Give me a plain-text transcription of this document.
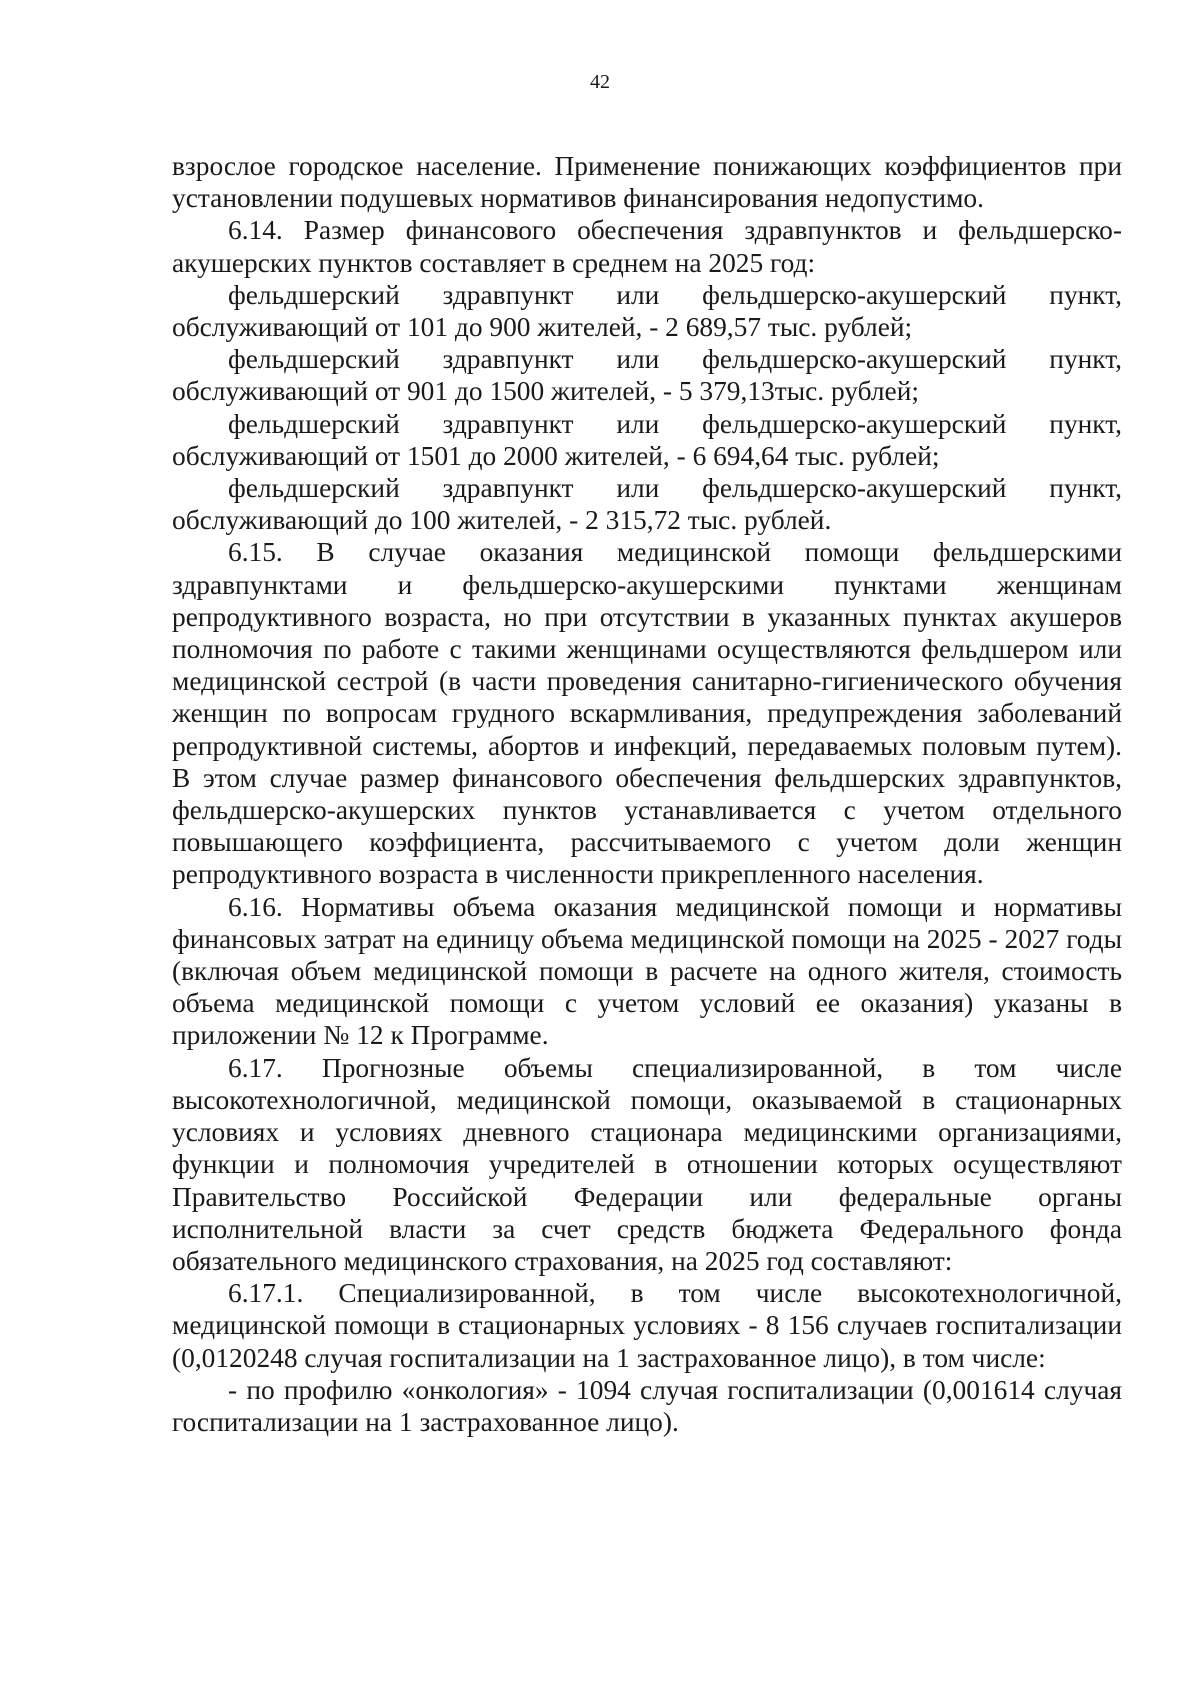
42

взрослое городское население. Применение понижающих коэффициентов при установлении подушевых нормативов финансирования недопустимо.

6.14. Размер финансового обеспечения здравпунктов и фельдшерско-акушерских пунктов составляет в среднем на 2025 год:

фельдшерский здравпункт или фельдшерско-акушерский пункт, обслуживающий от 101 до 900 жителей, - 2 689,57 тыс. рублей;

фельдшерский здравпункт или фельдшерско-акушерский пункт, обслуживающий от 901 до 1500 жителей, - 5 379,13тыс. рублей;

фельдшерский здравпункт или фельдшерско-акушерский пункт, обслуживающий от 1501 до 2000 жителей, - 6 694,64 тыс. рублей;

фельдшерский здравпункт или фельдшерско-акушерский пункт, обслуживающий до 100 жителей, - 2 315,72 тыс. рублей.

6.15. В случае оказания медицинской помощи фельдшерскими здравпунктами и фельдшерско-акушерскими пунктами женщинам репродуктивного возраста, но при отсутствии в указанных пунктах акушеров полномочия по работе с такими женщинами осуществляются фельдшером или медицинской сестрой (в части проведения санитарно-гигиенического обучения женщин по вопросам грудного вскармливания, предупреждения заболеваний репродуктивной системы, абортов и инфекций, передаваемых половым путем). В этом случае размер финансового обеспечения фельдшерских здравпунктов, фельдшерско-акушерских пунктов устанавливается с учетом отдельного повышающего коэффициента, рассчитываемого с учетом доли женщин репродуктивного возраста в численности прикрепленного населения.

6.16. Нормативы объема оказания медицинской помощи и нормативы финансовых затрат на единицу объема медицинской помощи на 2025 - 2027 годы (включая объем медицинской помощи в расчете на одного жителя, стоимость объема медицинской помощи с учетом условий ее оказания) указаны в приложении № 12 к Программе.

6.17. Прогнозные объемы специализированной, в том числе высокотехнологичной, медицинской помощи, оказываемой в стационарных условиях и условиях дневного стационара медицинскими организациями, функции и полномочия учредителей в отношении которых осуществляют Правительство Российской Федерации или федеральные органы исполнительной власти за счет средств бюджета Федерального фонда обязательного медицинского страхования, на 2025 год составляют:

6.17.1. Специализированной, в том числе высокотехнологичной, медицинской помощи в стационарных условиях - 8 156 случаев госпитализации (0,0120248 случая госпитализации на 1 застрахованное лицо), в том числе:

- по профилю «онкология» - 1094 случая госпитализации (0,001614 случая госпитализации на 1 застрахованное лицо).
